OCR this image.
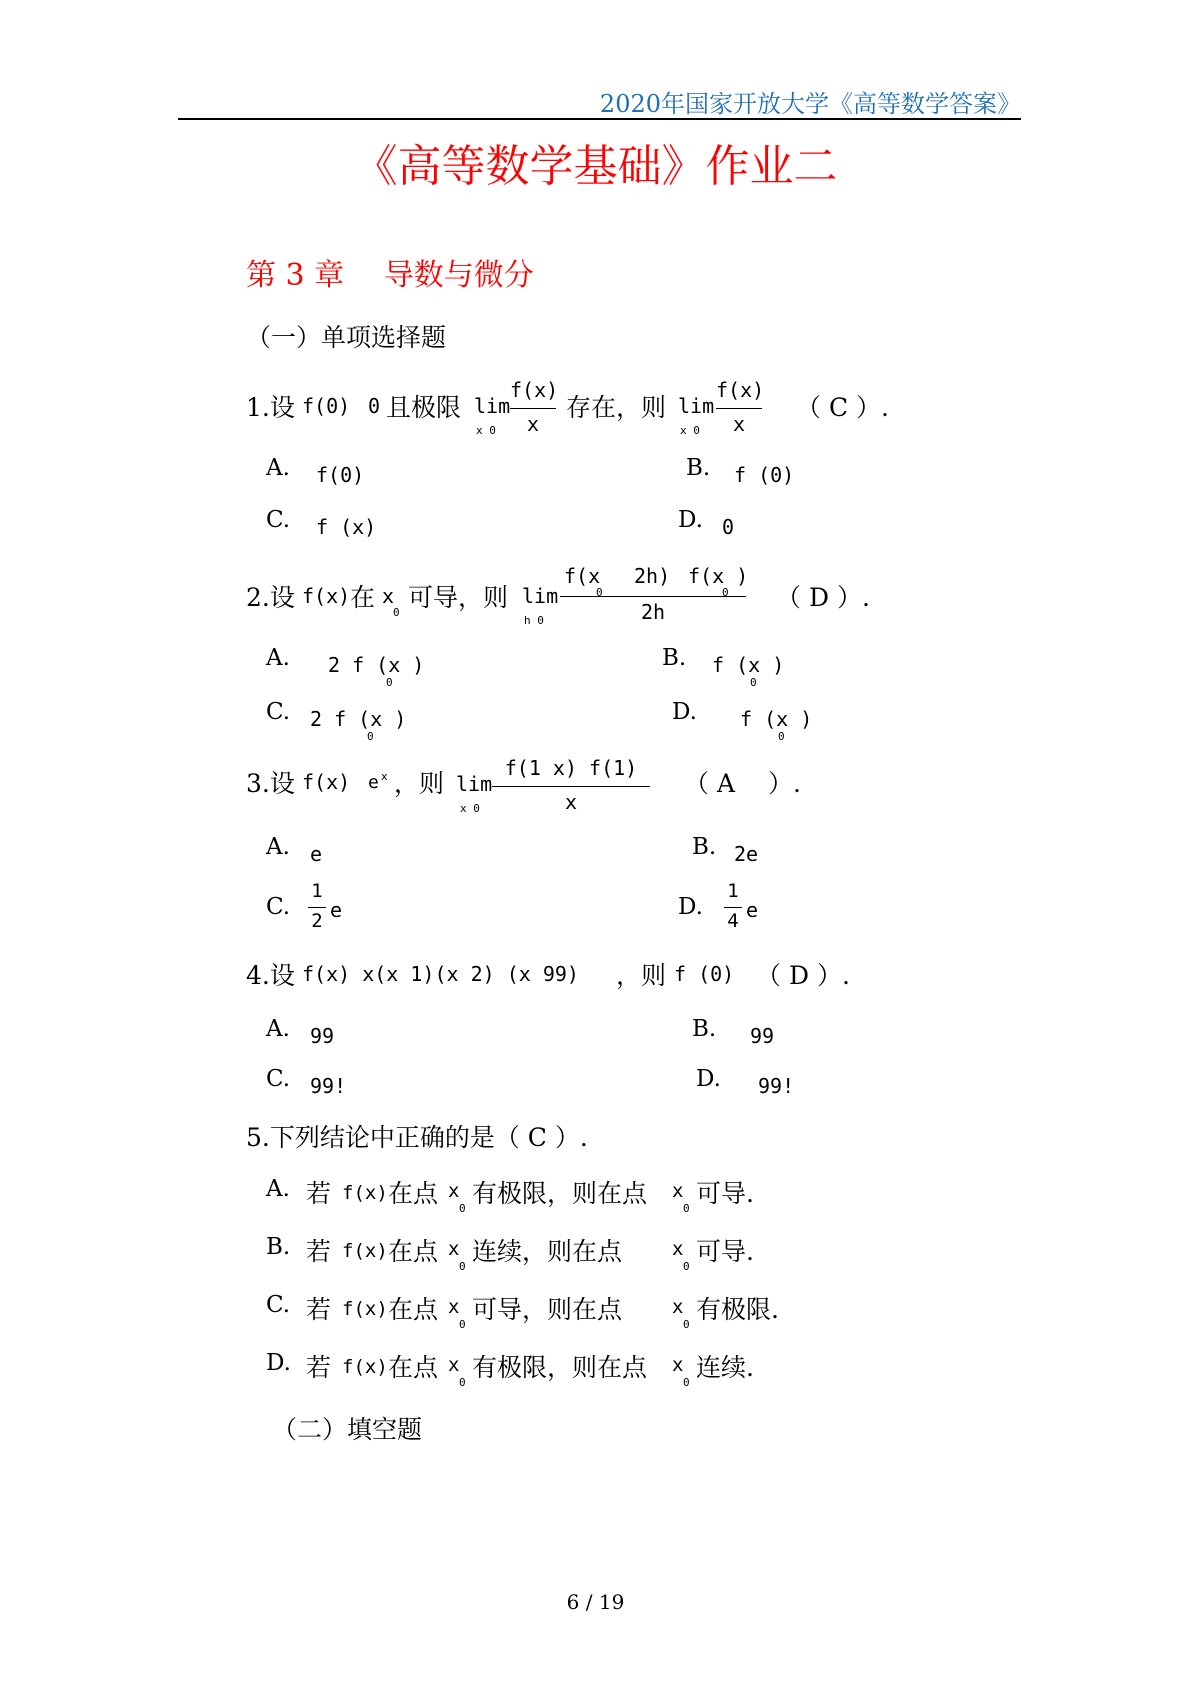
2020年国家开放大学《高等数学答案》
《高等数学基础》作业二
第 3 章　 导数与微分
（一）单项选择题
1.设 f(0) 0 且极限 lim
x 0
f(x)
x
存在，则 lim
x 0
f(x)
x
（ C ）.
A. f(0)	B. f (0)
C. f (x)	D. 0
2.设 f(x) 在 x
0
可导，则 lim
h 0
f(x
0
2h) f(x )
0
2h	（ D ）.
A. 2 f (x )
0
B. f (x )
0
C. 2 f (x )
0
D. f (x )
0
3.设 f(x) e x ，则 lim
x 0
f(1 x) f(1)
x
（ A　 ）.
A. e	B. 2e
C.
1
2 e	D.
1
4 e
4.设 f(x) x(x 1)(x 2) (x 99) ，则 f (0) （ D ）.
A. 99	B. 99
C. 99!	D. 99!
5.下列结论中正确的是（ C ）.
A. 若 f(x) 在点 x
0
有极限，则在点 x
0
可导.
B. 若 f(x) 在点 x
0
连续，则在点	x
0
可导.
C. 若 f(x) 在点 x
0
可导，则在点	x
0
有极限.
D. 若 f(x) 在点 x
0
有极限，则在点 x
0
连续.
（二）填空题
6 / 19
